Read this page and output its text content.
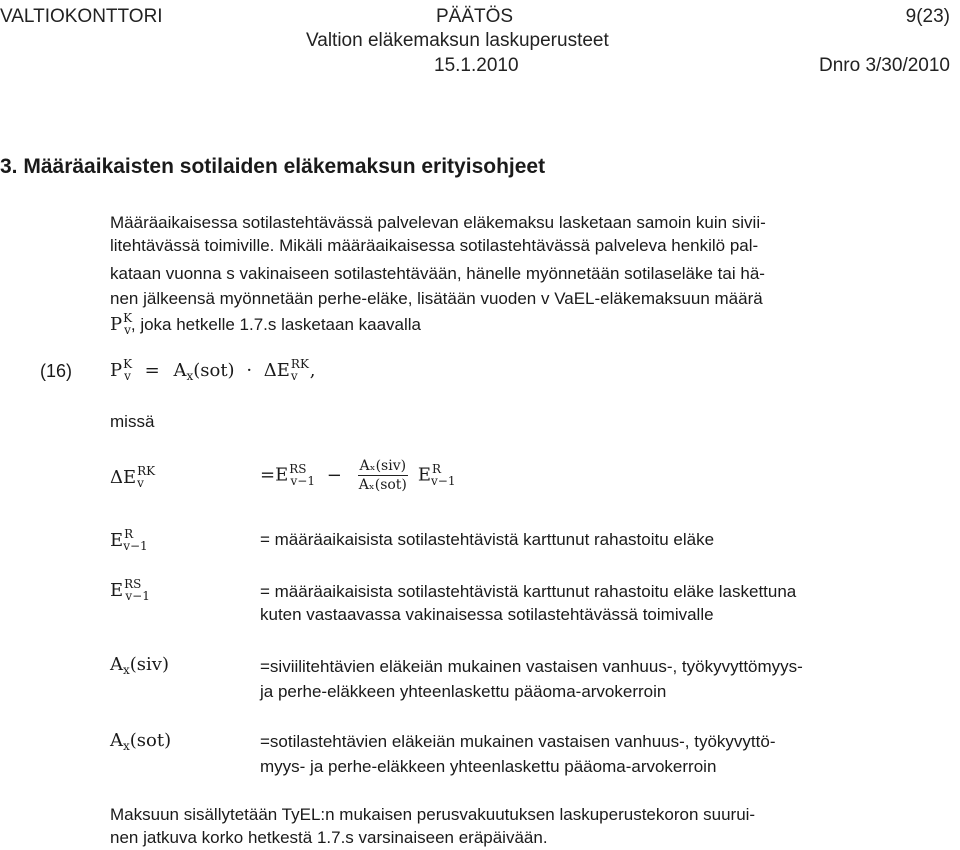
VALTIOKONTTORI	PÄÄTÖS	9(23)
Valtion eläkemaksun laskuperusteet
15.1.2010	Dnro 3/30/2010
3. Määräaikaisten sotilaiden eläkemaksun erityisohjeet
Määräaikaisessa sotilastehtävässä palvelevan eläkemaksu lasketaan samoin kuin sivii-
litehtävässä toimiville. Mikäli määräaikaisessa sotilastehtävässä palveleva henkilö pal-
kataan vuonna s vakinaiseen sotilastehtävään, hänelle myönnetään sotilaseläke tai hä-
nen jälkeensä myönnetään perhe-eläke, lisätään vuoden v VaEL-eläkemaksuun määrä
$P^K_v$, joka hetkelle 1.7.s lasketaan kaavalla
(16) $P^K_v = A_x(sot) \cdot \Delta E^{RK}_v$ ,
missä
$\Delta E^{RK}_v$	$=E^{RS}_{v-1} - \frac{\text{Aₓ(siv)}}{\text{Aₓ(sot)}} E^R_{v-1}$
$E^R_{v-1}$	= määräaikaisista sotilastehtävistä karttunut rahastoitu eläke
$E^{RS}_{v-1}$	= määräaikaisista sotilastehtävistä karttunut rahastoitu eläke laskettuna
kuten vastaavassa vakinaisessa sotilastehtävässä toimivalle
$A_x(siv)$	=siviilitehtävien eläkeiän mukainen vastaisen vanhuus-, työkyvyttömyys-
ja perhe-eläkkeen yhteenlaskettu pääoma-arvokerroin
$A_x(sot)$	=sotilastehtävien eläkeiän mukainen vastaisen vanhuus-, työkyvyttö-
myys- ja perhe-eläkkeen yhteenlaskettu pääoma-arvokerroin
Maksuun sisällytetään TyEL:n mukaisen perusvakuutuksen laskuperustekoron suurui-
nen jatkuva korko hetkestä 1.7.s varsinaiseen eräpäivään.
